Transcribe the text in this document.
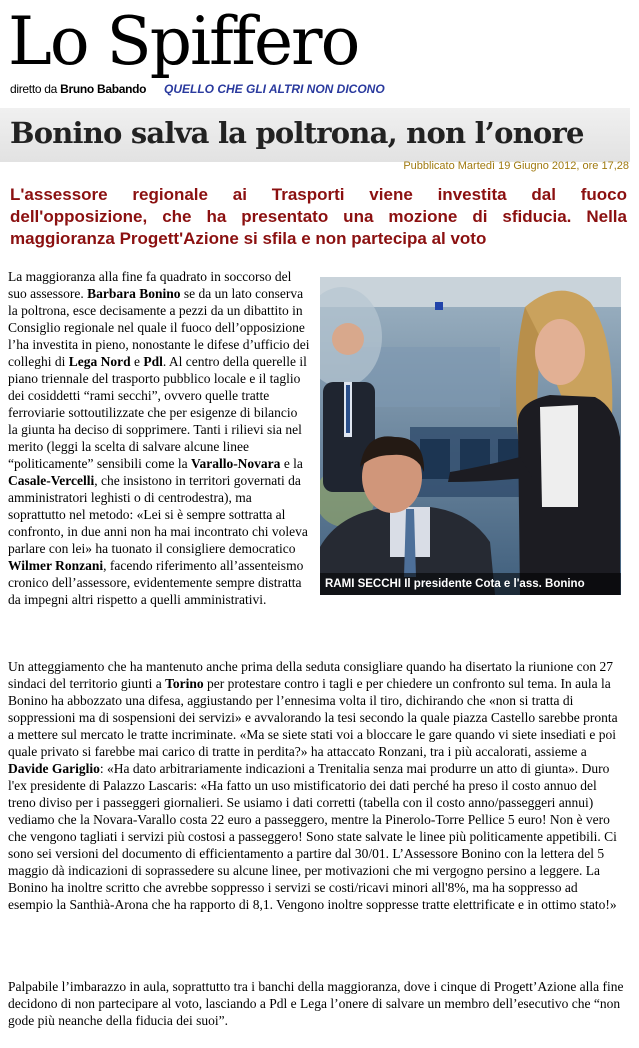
Lo Spiffero
diretto da Bruno Babando QUELLO CHE GLI ALTRI NON DICONO
Bonino salva la poltrona, non l’onore
Pubblicato Martedì 19 Giugno 2012, ore 17,28
L'assessore regionale ai Trasporti viene investita dal fuoco dell'opposizione, che ha presentato una mozione di sfiducia. Nella maggioranza Progett'Azione si sfila e non partecipa al voto
La maggioranza alla fine fa quadrato in soccorso del suo assessore. Barbara Bonino se da un lato conserva la poltrona, esce decisamente a pezzi da un dibattito in Consiglio regionale nel quale il fuoco dell’opposizione l’ha investita in pieno, nonostante le difese d’ufficio dei colleghi di Lega Nord e Pdl. Al centro della querelle il piano triennale del trasporto pubblico locale e il taglio dei cosiddetti “rami secchi”, ovvero quelle tratte ferroviarie sottoutilizzate che per esigenze di bilancio la giunta ha deciso di sopprimere. Tanti i rilievi sia nel merito (leggi la scelta di salvare alcune linee “politicamente” sensibili come la Varallo-Novara e la Casale-Vercelli, che insistono in territori governati da amministratori leghisti o di centrodestra), ma soprattutto nel metodo: «Lei si è sempre sottratta al confronto, in due anni non ha mai incontrato chi voleva parlare con lei» ha tuonato il consigliere democratico Wilmer Ronzani, facendo riferimento all’assenteismo cronico dell’assessore, evidentemente sempre distratta da impegni altri rispetto a quelli amministrativi.
RAMI SECCHI Il presidente Cota e l'ass. Bonino
Un atteggiamento che ha mantenuto anche prima della seduta consigliare quando ha disertato la riunione con 27 sindaci del territorio giunti a Torino per protestare contro i tagli e per chiedere un confronto sul tema. In aula la Bonino ha abbozzato una difesa, aggiustando per l’ennesima volta il tiro, dichirando che «non si tratta di soppressioni ma di sospensioni dei servizi» e avvalorando la tesi secondo la quale piazza Castello sarebbe pronta a mettere sul mercato le tratte incriminate. «Ma se siete stati voi a bloccare le gare quando vi siete insediati e poi quale privato si farebbe mai carico di tratte in perdita?» ha attaccato Ronzani, tra i più accalorati, assieme a Davide Gariglio: «Ha dato arbitrariamente indicazioni a Trenitalia senza mai produrre un atto di giunta». Duro l'ex presidente di Palazzo Lascaris: «Ha fatto un uso mistificatorio dei dati perché ha preso il costo annuo del treno diviso per i passeggeri giornalieri. Se usiamo i dati corretti (tabella con il costo anno/passeggeri annui) vediamo che la Novara-Varallo costa 22 euro a passeggero, mentre la Pinerolo-Torre Pellice 5 euro! Non è vero che vengono tagliati i servizi più costosi a passeggero! Sono state salvate le linee più politicamente appetibili. Ci sono sei versioni del documento di efficientamento a partire dal 30/01. L’Assessore Bonino con la lettera del 5 maggio dà indicazioni di soprassedere su alcune linee, per motivazioni che mi vergogno persino a leggere. La Bonino ha inoltre scritto che avrebbe soppresso i servizi se costi/ricavi minori all'8%, ma ha soppresso ad esempio la Santhià-Arona che ha rapporto di 8,1. Vengono inoltre soppresse tratte elettrificate e in ottimo stato!»
Palpabile l’imbarazzo in aula, soprattutto tra i banchi della maggioranza, dove i cinque di Progett’Azione alla fine decidono di non partecipare al voto, lasciando a Pdl e Lega l’onere di salvare un membro dell’esecutivo che “non gode più neanche della fiducia dei suoi”.
